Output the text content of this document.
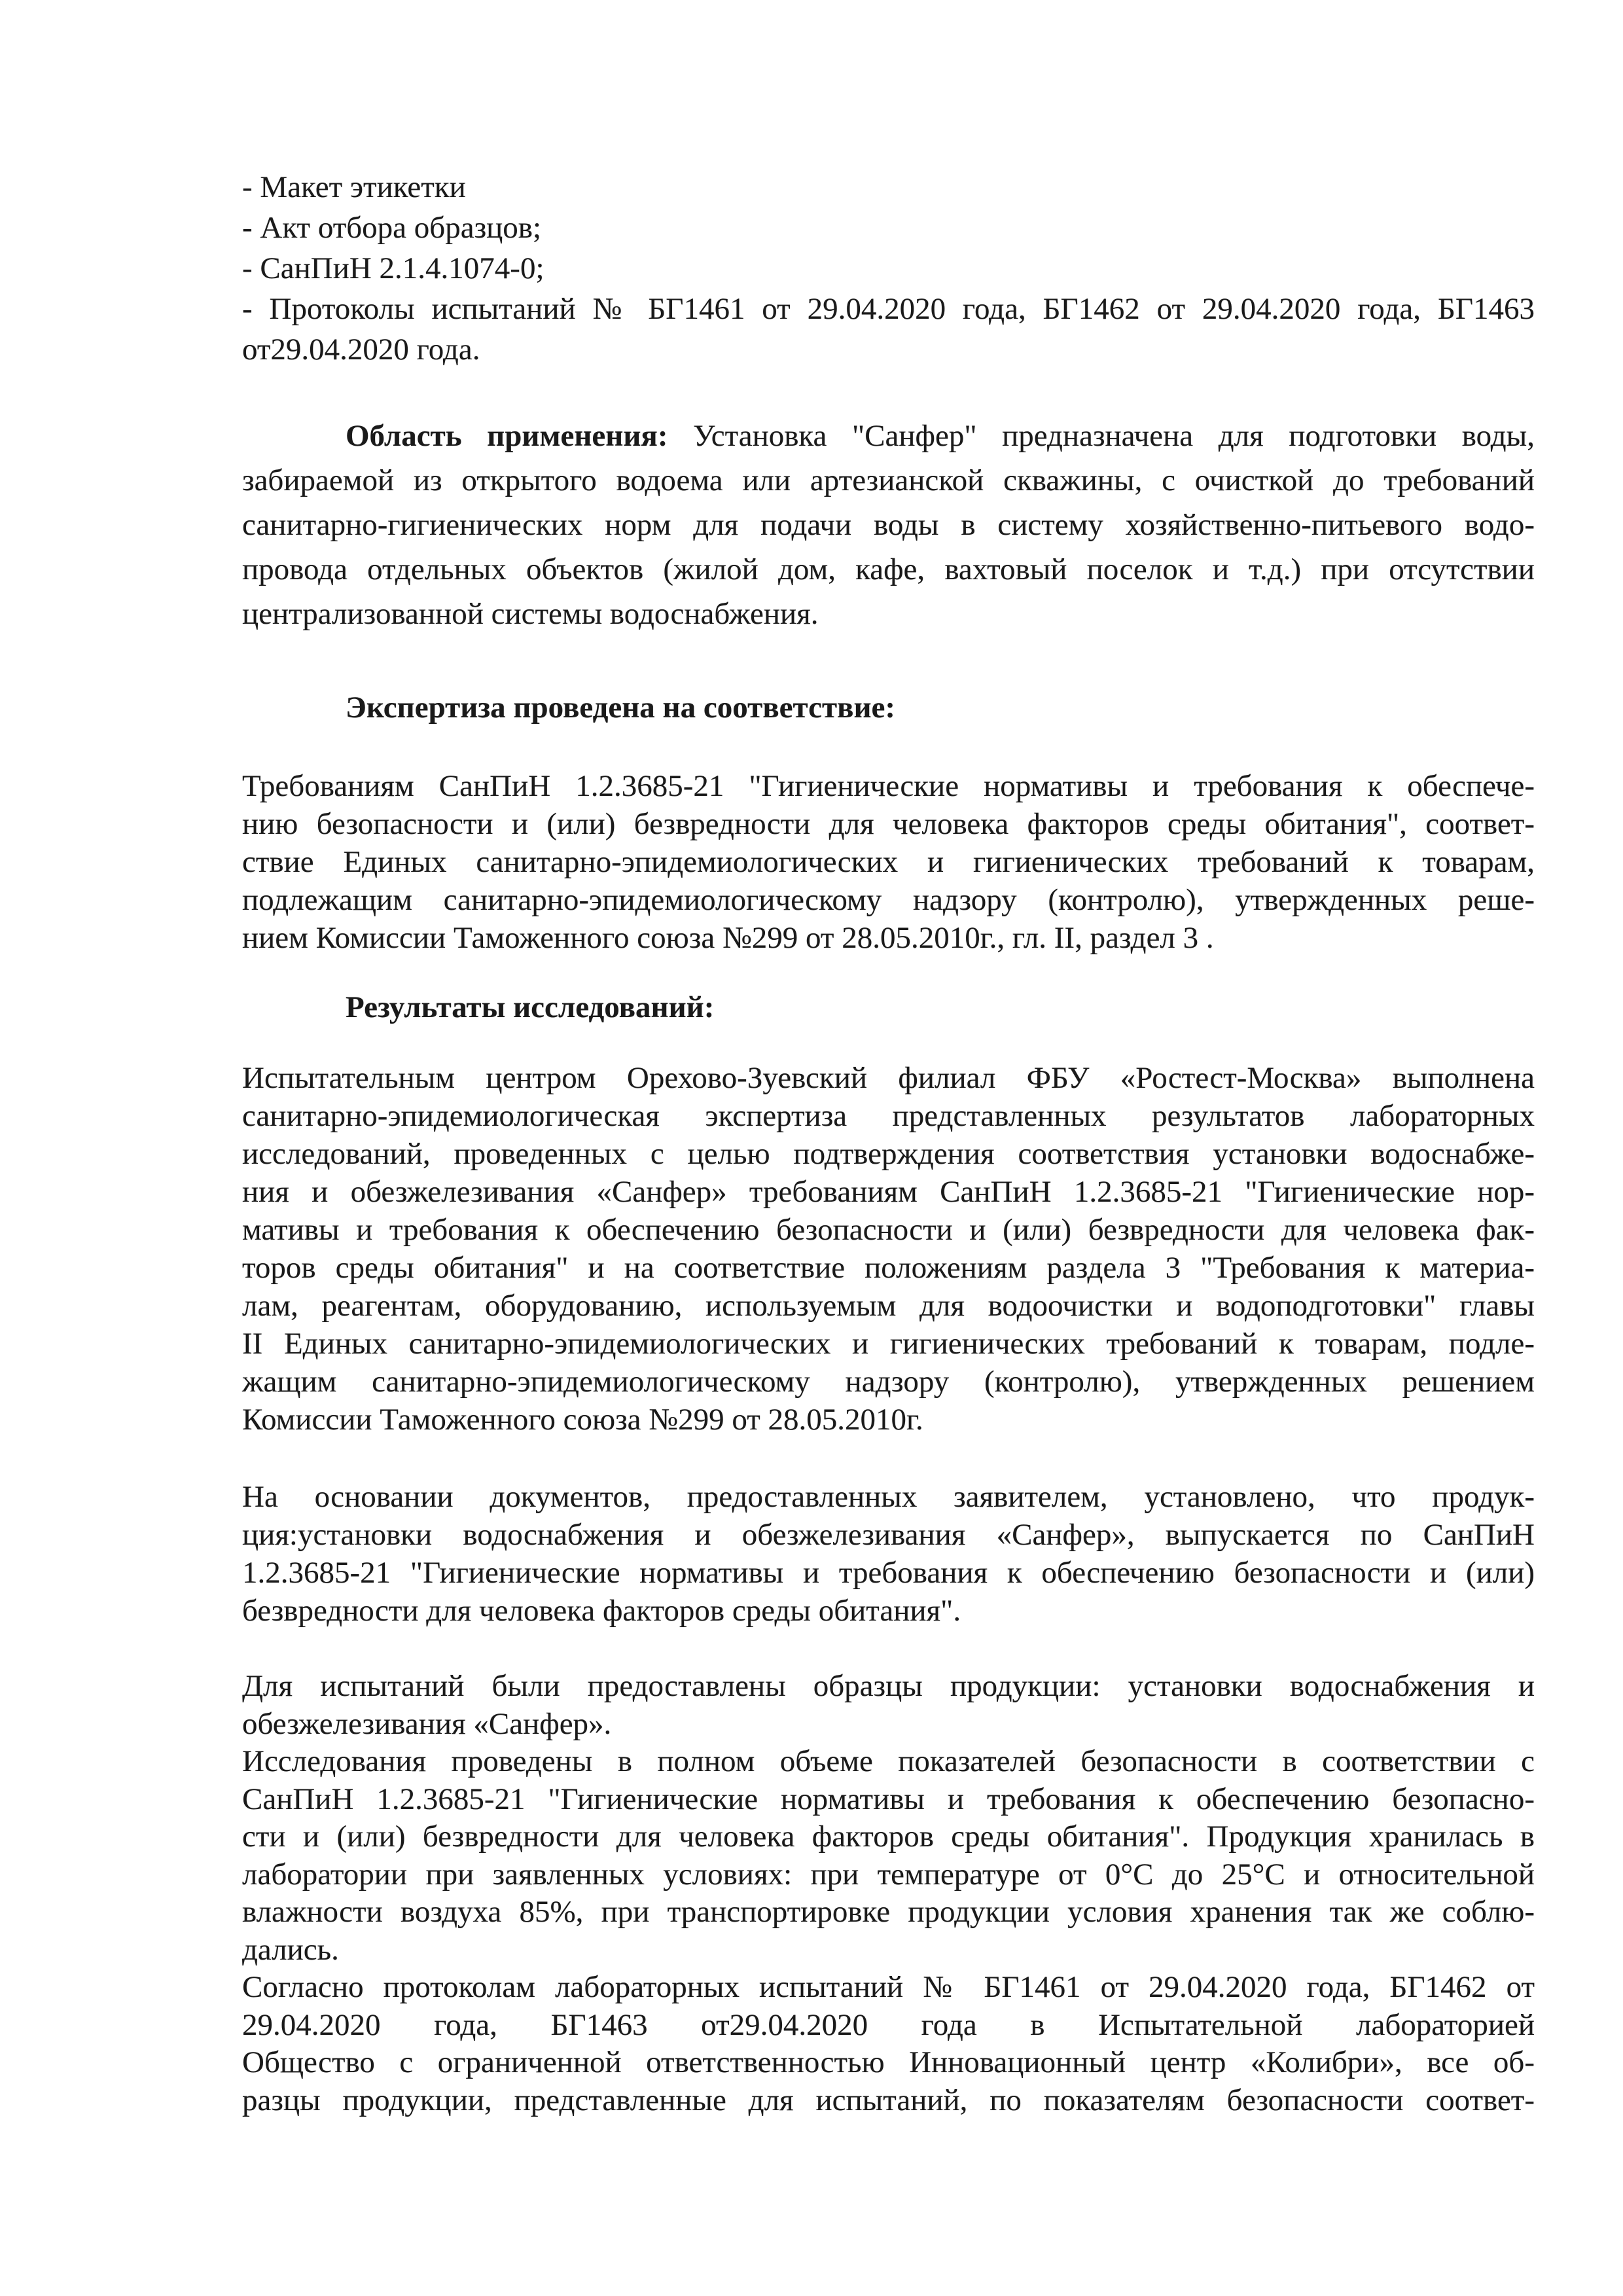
- Макет этикетки
- Акт отбора образцов;
- СанПиН 2.1.4.1074-0;
- Протоколы испытаний № БГ1461 от 29.04.2020 года, БГ1462 от 29.04.2020 года, БГ1463
от29.04.2020 года.
Область применения: Установка "Санфер" предназначена для подготовки воды,
забираемой из открытого водоема или артезианской скважины, с очисткой до требований
санитарно-гигиенических норм для подачи воды в систему хозяйственно-питьевого водо-
провода отдельных объектов (жилой дом, кафе, вахтовый поселок и т.д.) при отсутствии
централизованной системы водоснабжения.
Экспертиза проведена на соответствие:
Требованиям СанПиН 1.2.3685-21 "Гигиенические нормативы и требования к обеспече-
нию безопасности и (или) безвредности для человека факторов среды обитания", соответ-
ствие Единых санитарно-эпидемиологических и гигиенических требований к товарам,
подлежащим санитарно-эпидемиологическому надзору (контролю), утвержденных реше-
нием Комиссии Таможенного союза №299 от 28.05.2010г., гл. II, раздел 3 .
Результаты исследований:
Испытательным центром Орехово-Зуевский филиал ФБУ «Ростест-Москва» выполнена
санитарно-эпидемиологическая экспертиза представленных результатов лабораторных
исследований, проведенных с целью подтверждения соответствия установки водоснабже-
ния и обезжелезивания «Санфер» требованиям СанПиН 1.2.3685-21 "Гигиенические нор-
мативы и требования к обеспечению безопасности и (или) безвредности для человека фак-
торов среды обитания" и на соответствие положениям раздела 3 "Требования к материа-
лам, реагентам, оборудованию, используемым для водоочистки и водоподготовки" главы
II Единых санитарно-эпидемиологических и гигиенических требований к товарам, подле-
жащим санитарно-эпидемиологическому надзору (контролю), утвержденных решением
Комиссии Таможенного союза №299 от 28.05.2010г.
На основании документов, предоставленных заявителем, установлено, что продук-
ция:установки водоснабжения и обезжелезивания «Санфер», выпускается по СанПиН
1.2.3685-21 "Гигиенические нормативы и требования к обеспечению безопасности и (или)
безвредности для человека факторов среды обитания".
Для испытаний были предоставлены образцы продукции: установки водоснабжения и
обезжелезивания «Санфер».
Исследования проведены в полном объеме показателей безопасности в соответствии с
СанПиН 1.2.3685-21 "Гигиенические нормативы и требования к обеспечению безопасно-
сти и (или) безвредности для человека факторов среды обитания". Продукция хранилась в
лаборатории при заявленных условиях: при температуре от 0°С до 25°С и относительной
влажности воздуха 85%, при транспортировке продукции условия хранения так же соблю-
дались.
Согласно протоколам лабораторных испытаний № БГ1461 от 29.04.2020 года, БГ1462 от
29.04.2020 года, БГ1463 от29.04.2020 года в Испытательной лабораторией
Общество с ограниченной ответственностью Инновационный центр «Колибри», все об-
разцы продукции, представленные для испытаний, по показателям безопасности соответ-
